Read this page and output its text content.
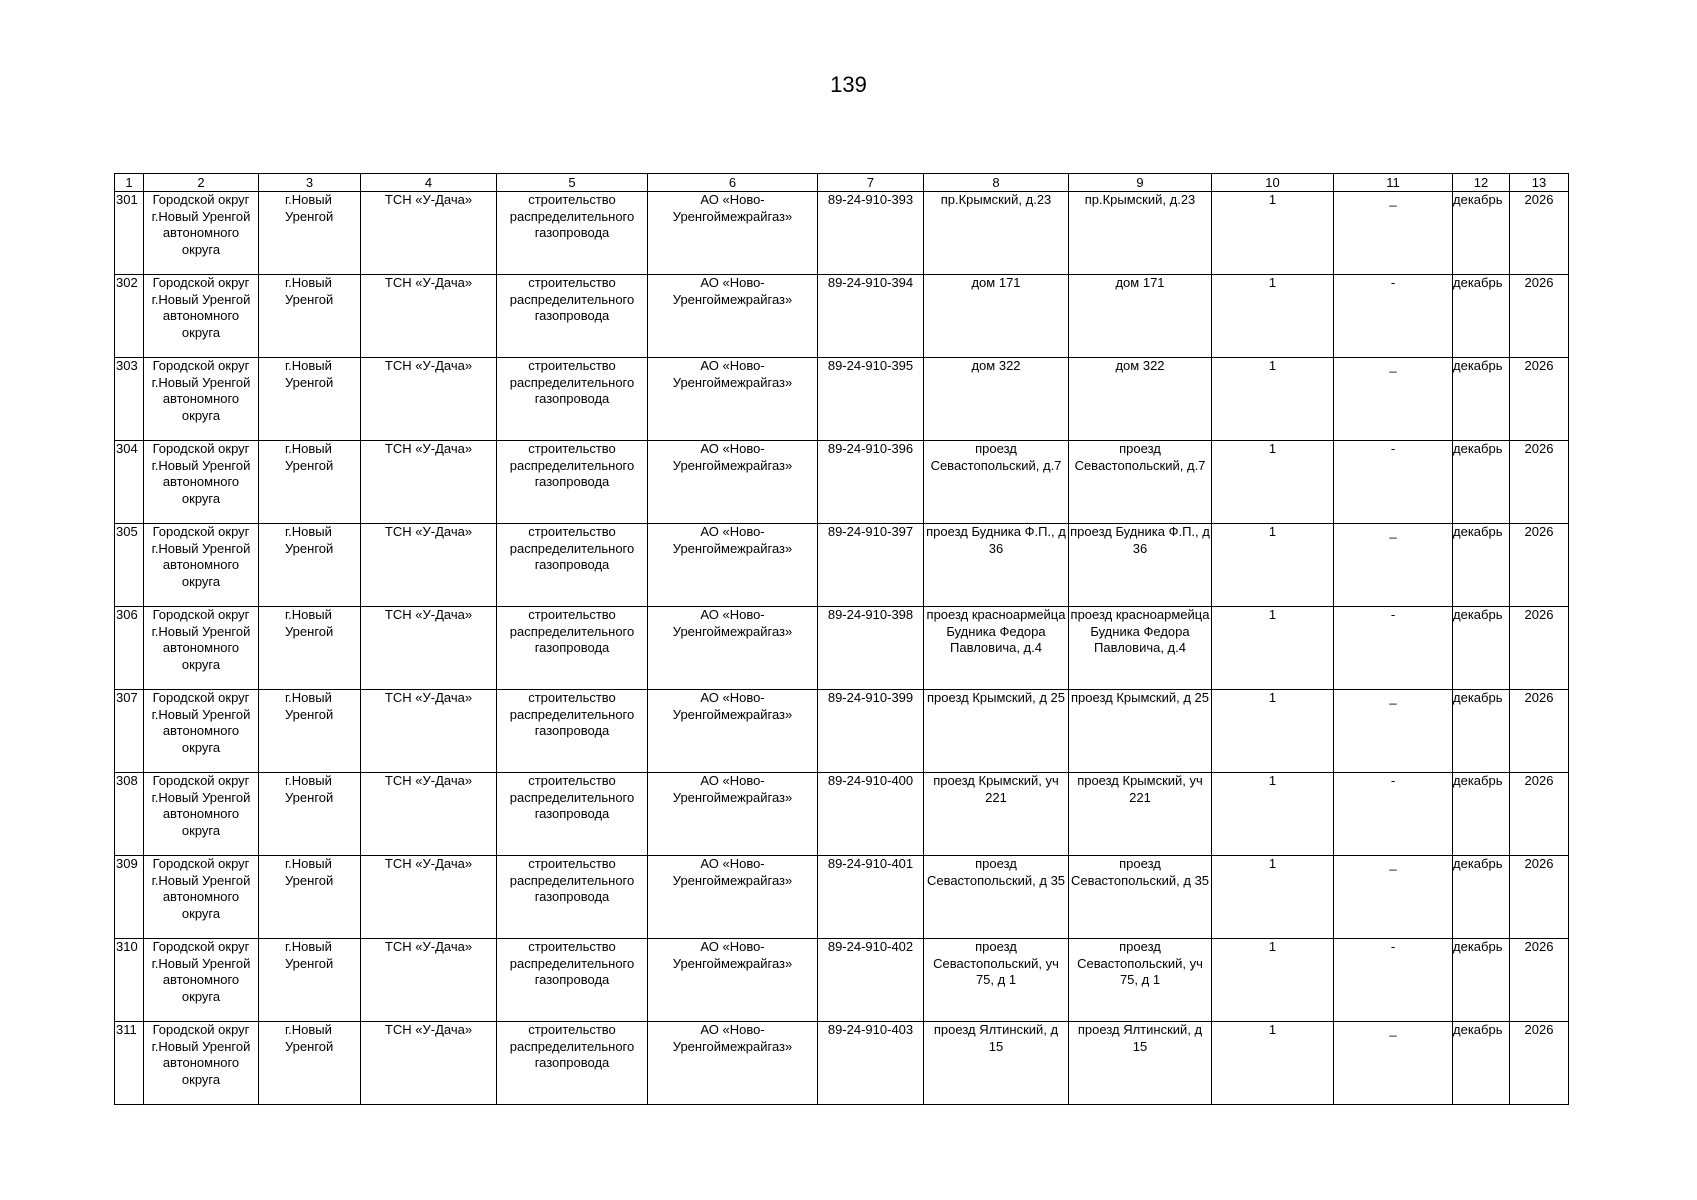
139
1	2	3	4	5	6	7	8	9	10	11	12	13
301	Городской округ г.Новый Уренгой автономного округа	г.Новый Уренгой	ТСН «У-Дача»	строительство распределительного газопровода	АО «Ново-Уренгоймежрайгаз»	89-24-910-393	пр.Крымский, д.23	пр.Крымский, д.23	1	_	декабрь	2026
302	Городской округ г.Новый Уренгой автономного округа	г.Новый Уренгой	ТСН «У-Дача»	строительство распределительного газопровода	АО «Ново-Уренгоймежрайгаз»	89-24-910-394	дом 171	дом 171	1	-	декабрь	2026
303	Городской округ г.Новый Уренгой автономного округа	г.Новый Уренгой	ТСН «У-Дача»	строительство распределительного газопровода	АО «Ново-Уренгоймежрайгаз»	89-24-910-395	дом 322	дом 322	1	_	декабрь	2026
304	Городской округ г.Новый Уренгой автономного округа	г.Новый Уренгой	ТСН «У-Дача»	строительство распределительного газопровода	АО «Ново-Уренгоймежрайгаз»	89-24-910-396	проезд Севастопольский, д.7	проезд Севастопольский, д.7	1	-	декабрь	2026
305	Городской округ г.Новый Уренгой автономного округа	г.Новый Уренгой	ТСН «У-Дача»	строительство распределительного газопровода	АО «Ново-Уренгоймежрайгаз»	89-24-910-397	проезд Будника Ф.П., д 36	проезд Будника Ф.П., д 36	1	_	декабрь	2026
306	Городской округ г.Новый Уренгой автономного округа	г.Новый Уренгой	ТСН «У-Дача»	строительство распределительного газопровода	АО «Ново-Уренгоймежрайгаз»	89-24-910-398	проезд красноармейца Будника Федора Павловича, д.4	проезд красноармейца Будника Федора Павловича, д.4	1	-	декабрь	2026
307	Городской округ г.Новый Уренгой автономного округа	г.Новый Уренгой	ТСН «У-Дача»	строительство распределительного газопровода	АО «Ново-Уренгоймежрайгаз»	89-24-910-399	проезд Крымский, д 25	проезд Крымский, д 25	1	_	декабрь	2026
308	Городской округ г.Новый Уренгой автономного округа	г.Новый Уренгой	ТСН «У-Дача»	строительство распределительного газопровода	АО «Ново-Уренгоймежрайгаз»	89-24-910-400	проезд Крымский, уч 221	проезд Крымский, уч 221	1	-	декабрь	2026
309	Городской округ г.Новый Уренгой автономного округа	г.Новый Уренгой	ТСН «У-Дача»	строительство распределительного газопровода	АО «Ново-Уренгоймежрайгаз»	89-24-910-401	проезд Севастопольский, д 35	проезд Севастопольский, д 35	1	_	декабрь	2026
310	Городской округ г.Новый Уренгой автономного округа	г.Новый Уренгой	ТСН «У-Дача»	строительство распределительного газопровода	АО «Ново-Уренгоймежрайгаз»	89-24-910-402	проезд Севастопольский, уч 75, д 1	проезд Севастопольский, уч 75, д 1	1	-	декабрь	2026
311	Городской округ г.Новый Уренгой автономного округа	г.Новый Уренгой	ТСН «У-Дача»	строительство распределительного газопровода	АО «Ново-Уренгоймежрайгаз»	89-24-910-403	проезд Ялтинский, д 15	проезд Ялтинский, д 15	1	_	декабрь	2026
